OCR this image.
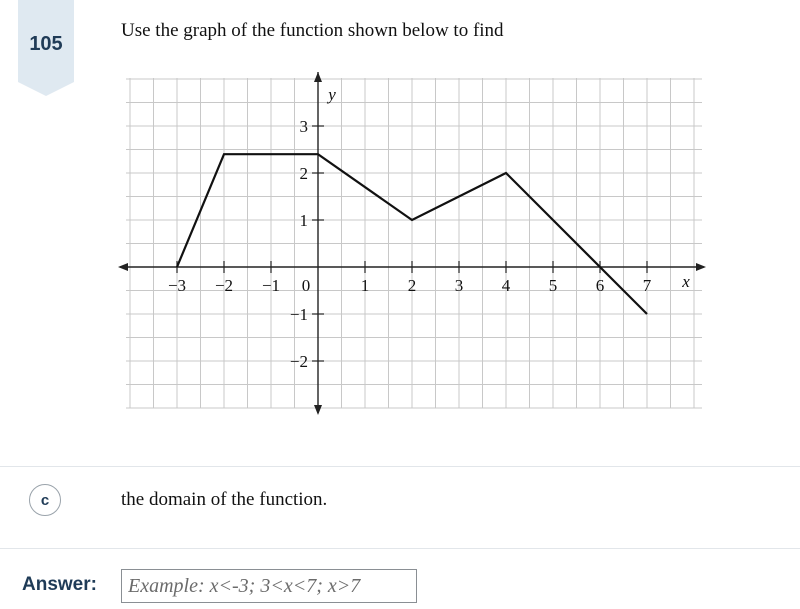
105
Use the graph of the function shown below to find
−3 −2 −1 0	1 2 3 4 5 6 7
3
2
1
−1
−2
x
y
c	the domain of the function.
Answer:
Example: x<-3; 3<x<7; x>7
